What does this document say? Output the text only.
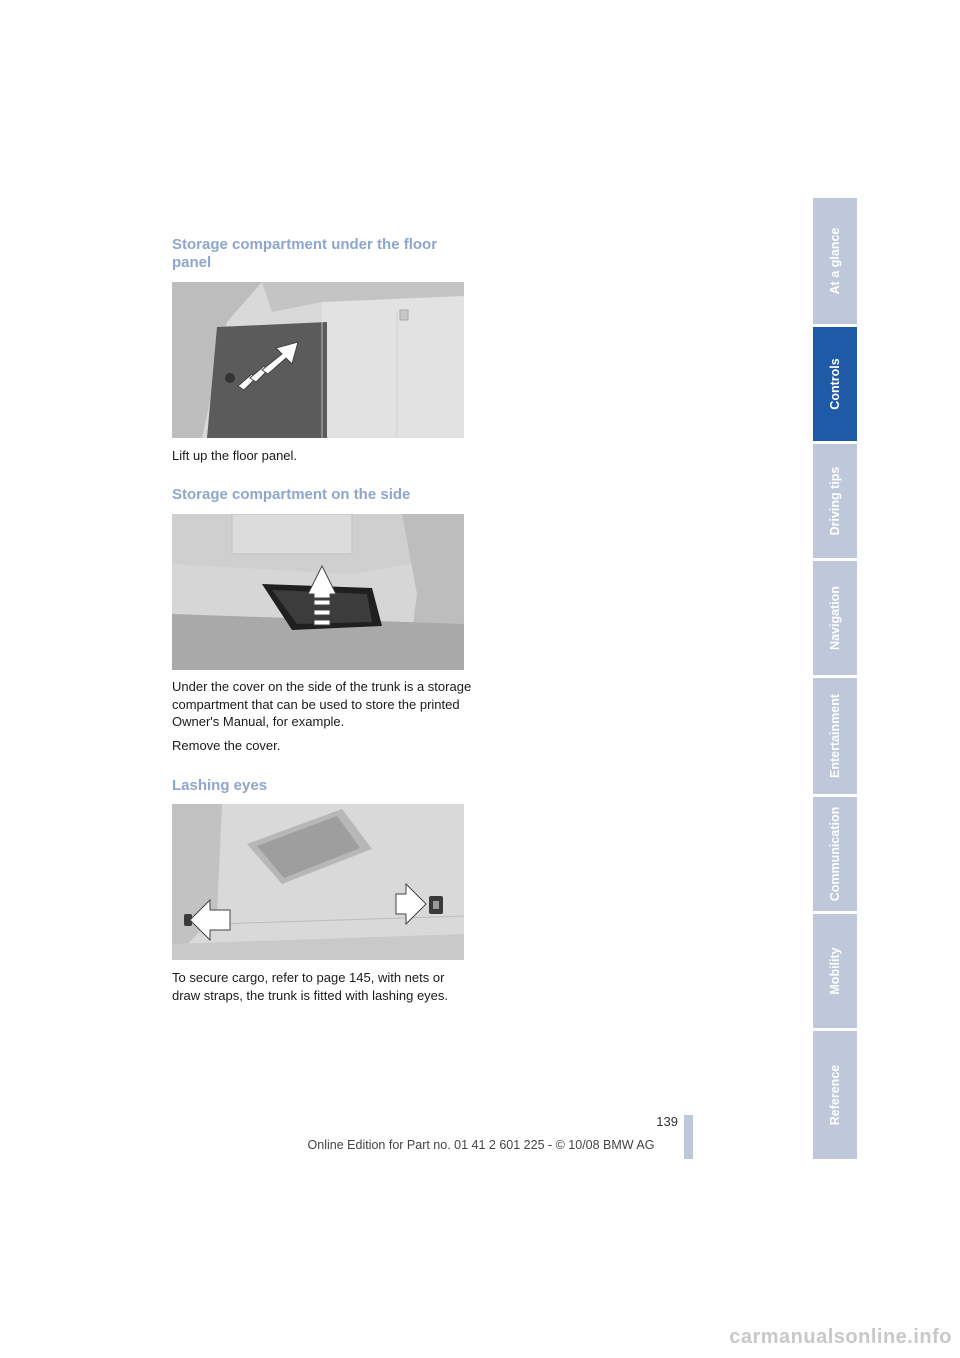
Storage compartment under the floor panel

Lift up the floor panel.

Storage compartment on the side

Under the cover on the side of the trunk is a storage compartment that can be used to store the printed Owner's Manual, for example.

Remove the cover.

Lashing eyes

To secure cargo, refer to page 145, with nets or draw straps, the trunk is fitted with lashing eyes.

At a glance
Controls
Driving tips
Navigation
Entertainment
Communication
Mobility
Reference
139
Online Edition for Part no. 01 41 2 601 225 - © 10/08 BMW AG
carmanualsonline.info
